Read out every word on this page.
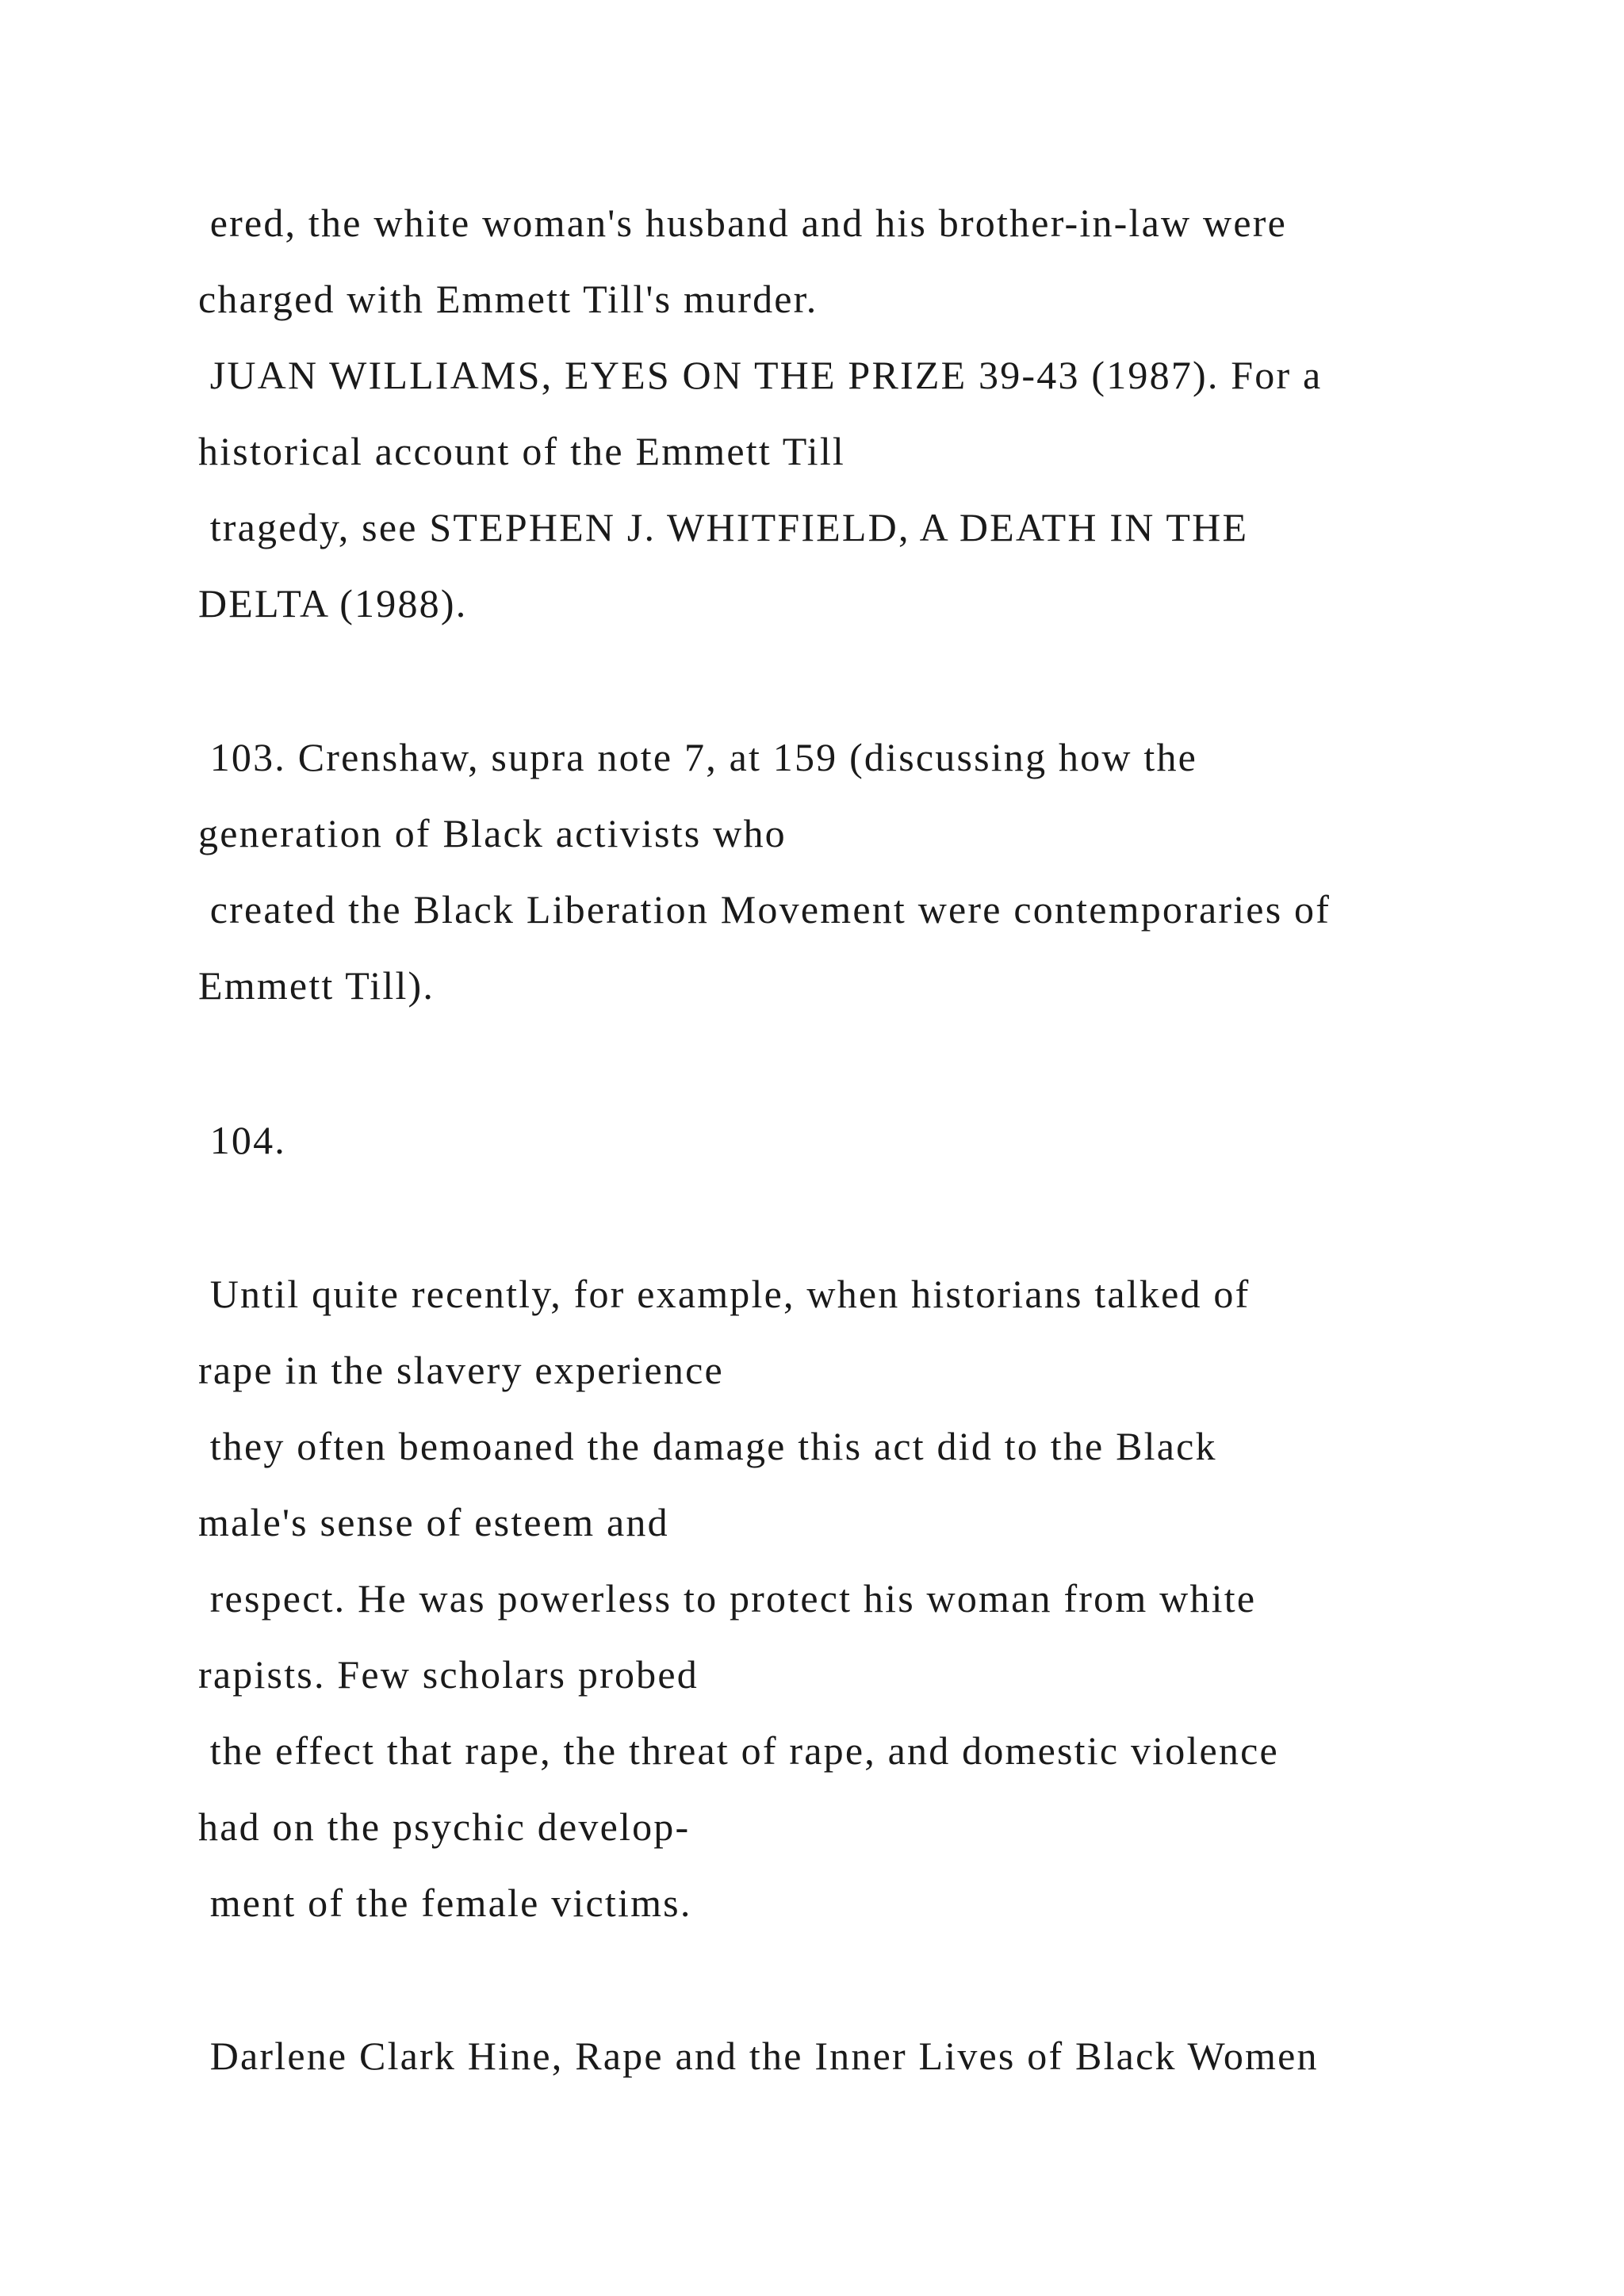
ered, the white woman's husband and his brother-in-law were

charged with Emmett Till's murder.

JUAN WILLIAMS, EYES ON THE PRIZE 39-43 (1987). For a

historical account of the Emmett Till

tragedy, see STEPHEN J. WHITFIELD, A DEATH IN THE

DELTA (1988).

103. Crenshaw, supra note 7, at 159 (discussing how the

generation of Black activists who

created the Black Liberation Movement were contemporaries of

Emmett Till).

104.

Until quite recently, for example, when historians talked of

rape in the slavery experience

they often bemoaned the damage this act did to the Black

male's sense of esteem and

respect. He was powerless to protect his woman from white

rapists. Few scholars probed

the effect that rape, the threat of rape, and domestic violence

had on the psychic develop-

ment of the female victims.

Darlene Clark Hine, Rape and the Inner Lives of Black Women
